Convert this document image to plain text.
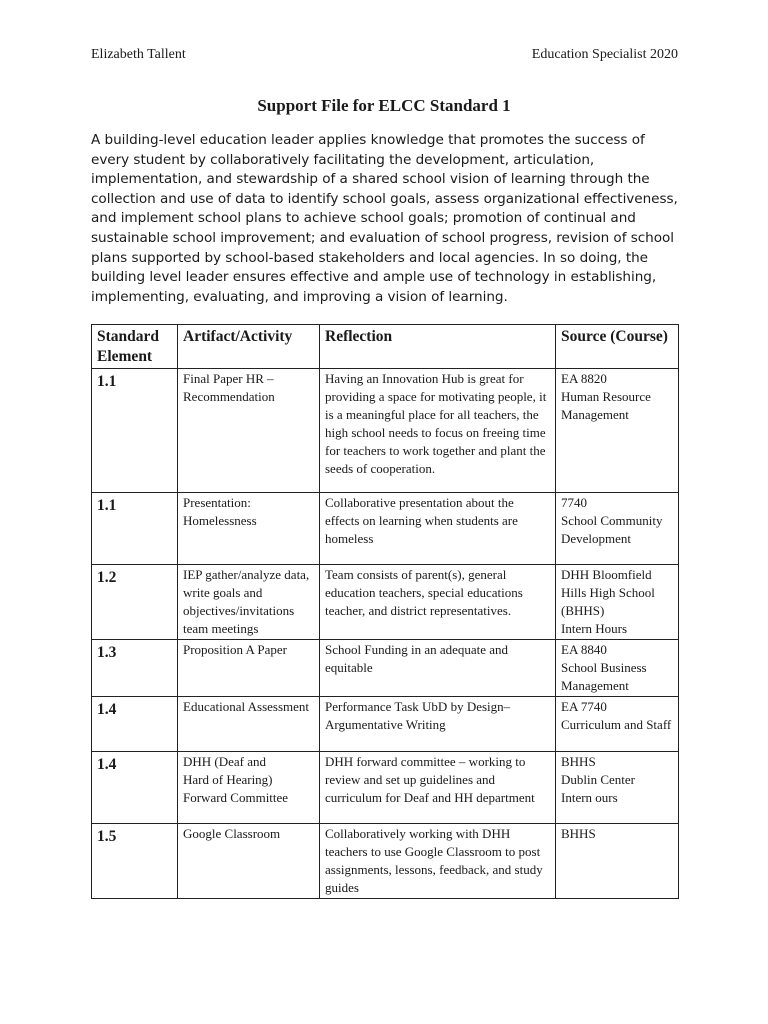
Elizabeth Tallent	Education Specialist 2020
Support File for ELCC Standard 1
A building-level education leader applies knowledge that promotes the success of every student by collaboratively facilitating the development, articulation, implementation, and stewardship of a shared school vision of learning through the collection and use of data to identify school goals, assess organizational effectiveness, and implement school plans to achieve school goals; promotion of continual and sustainable school improvement; and evaluation of school progress, revision of school plans supported by school-based stakeholders and local agencies. In so doing, the building level leader ensures effective and ample use of technology in establishing, implementing, evaluating, and improving a vision of learning.
Standard Element	Artifact/Activity	Reflection	Source (Course)
1.1	Final Paper HR – Recommendation	Having an Innovation Hub is great for providing a space for motivating people, it is a meaningful place for all teachers, the high school needs to focus on freeing time for teachers to work together and plant the seeds of cooperation.	EA 8820
Human Resource Management
1.1	Presentation: Homelessness	Collaborative presentation about the effects on learning when students are homeless	7740
School Community Development
1.2	IEP gather/analyze data, write goals and objectives/invitations team meetings	Team consists of parent(s), general education teachers, special educations teacher, and district representatives.	DHH Bloomfield Hills High School (BHHS)
Intern Hours
1.3	Proposition A Paper	School Funding in an adequate and equitable	EA 8840
School Business Management
1.4	Educational Assessment	Performance Task UbD by Design–Argumentative Writing	EA 7740
Curriculum and Staff
1.4	DHH (Deaf and
Hard of Hearing)
Forward Committee	DHH forward committee – working to review and set up guidelines and curriculum for Deaf and HH department	BHHS
Dublin Center
Intern ours
1.5	Google Classroom	Collaboratively working with DHH teachers to use Google Classroom to post assignments, lessons, feedback, and study guides	BHHS
